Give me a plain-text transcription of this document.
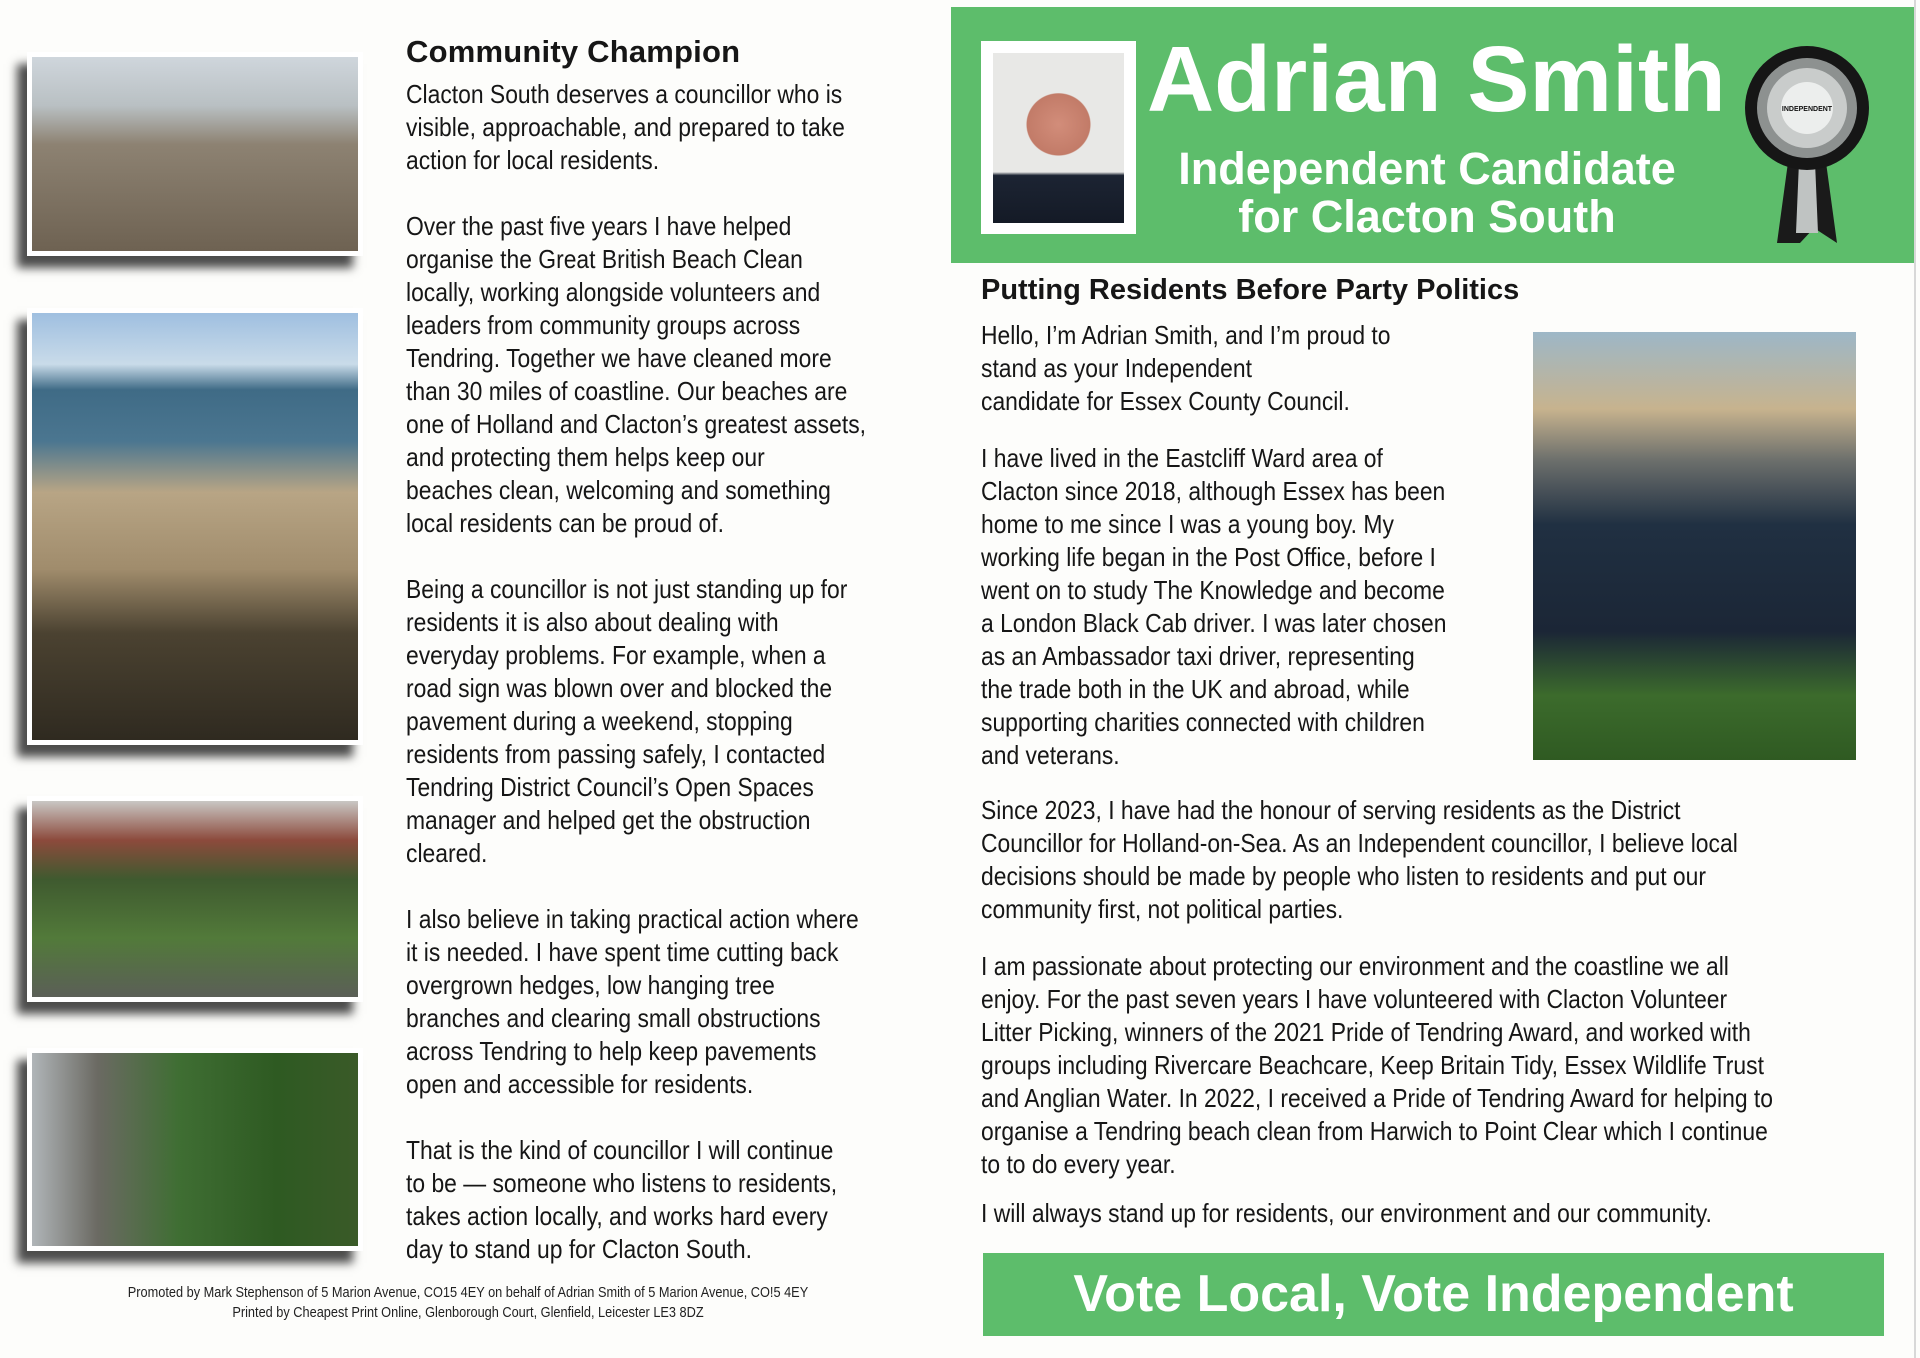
Community Champion
Clacton South deserves a councillor who is
visible, approachable, and prepared to take
action for local residents.
Over the past five years I have helped
organise the Great British Beach Clean
locally, working alongside volunteers and
leaders from community groups across
Tendring. Together we have cleaned more
than 30 miles of coastline. Our beaches are
one of Holland and Clacton’s greatest assets,
and protecting them helps keep our
beaches clean, welcoming and something
local residents can be proud of.
Being a councillor is not just standing up for
residents it is also about dealing with
everyday problems. For example, when a
road sign was blown over and blocked the
pavement during a weekend, stopping
residents from passing safely, I contacted
Tendring District Council’s Open Spaces
manager and helped get the obstruction
cleared.
I also believe in taking practical action where
it is needed. I have spent time cutting back
overgrown hedges, low hanging tree
branches and clearing small obstructions
across Tendring to help keep pavements
open and accessible for residents.
That is the kind of councillor I will continue
to be — someone who listens to residents,
takes action locally, and works hard every
day to stand up for Clacton South.
Promoted by Mark Stephenson of 5 Marion Avenue, CO15 4EY on behalf of Adrian Smith of 5 Marion Avenue, CO!5 4EY
Printed by Cheapest Print Online, Glenborough Court, Glenfield, Leicester LE3 8DZ
Adrian Smith
Independent Candidate
for Clacton South
INDEPENDENT
Putting Residents Before Party Politics
Hello, I’m Adrian Smith, and I’m proud to
stand as your Independent
candidate for Essex County Council.
I have lived in the Eastcliff Ward area of
Clacton since 2018, although Essex has been
home to me since I was a young boy. My
working life began in the Post Office, before I
went on to study The Knowledge and become
a London Black Cab driver. I was later chosen
as an Ambassador taxi driver, representing
the trade both in the UK and abroad, while
supporting charities connected with children
and veterans.
Since 2023, I have had the honour of serving residents as the District
Councillor for Holland-on-Sea. As an Independent councillor, I believe local
decisions should be made by people who listen to residents and put our
community first, not political parties.
I am passionate about protecting our environment and the coastline we all
enjoy. For the past seven years I have volunteered with Clacton Volunteer
Litter Picking, winners of the 2021 Pride of Tendring Award, and worked with
groups including Rivercare Beachcare, Keep Britain Tidy, Essex Wildlife Trust
and Anglian Water. In 2022, I received a Pride of Tendring Award for helping to
organise a Tendring beach clean from Harwich to Point Clear which I continue
to to do every year.
I will always stand up for residents, our environment and our community.
Vote Local, Vote Independent
